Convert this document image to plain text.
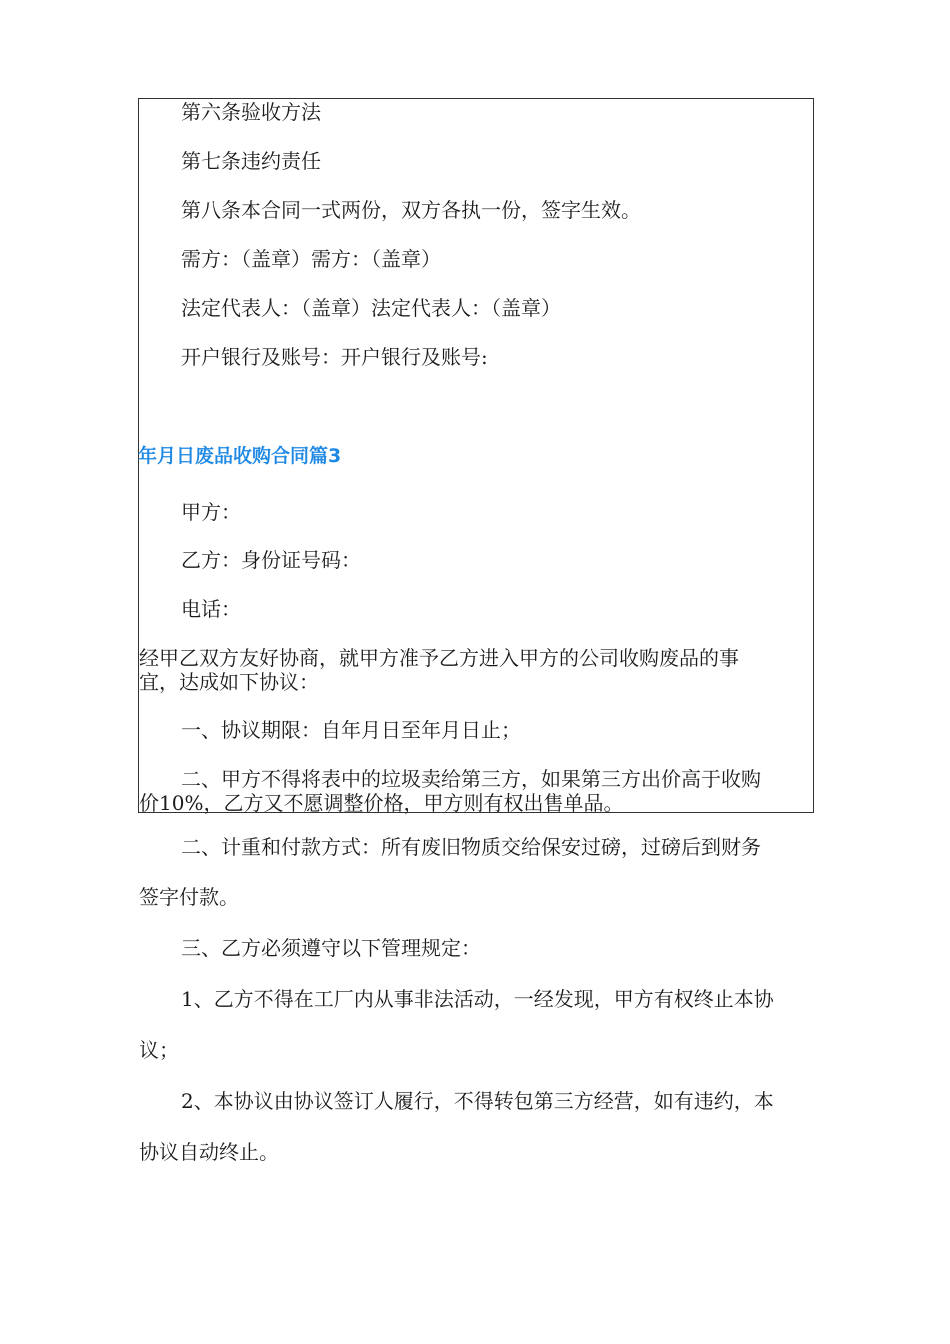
第六条验收方法
第七条违约责任
第八条本合同一式两份，双方各执一份，签字生效。
需方：（盖章）需方：（盖章）
法定代表人：（盖章）法定代表人：（盖章）
开户银行及账号：开户银行及账号:
年月日废品收购合同篇3
甲方：
乙方：身份证号码：
电话：
经甲乙双方友好协商，就甲方准予乙方进入甲方的公司收购废品的事
宜，达成如下协议：
一、协议期限：自年月日至年月日止；
二、甲方不得将表中的垃圾卖给第三方，如果第三方出价高于收购
价10%，乙方又不愿调整价格，甲方则有权出售单品。
二、计重和付款方式：所有废旧物质交给保安过磅，过磅后到财务
签字付款。
三、乙方必须遵守以下管理规定：
1、乙方不得在工厂内从事非法活动，一经发现，甲方有权终止本协
议；
2、本协议由协议签订人履行，不得转包第三方经营，如有违约，本
协议自动终止。
